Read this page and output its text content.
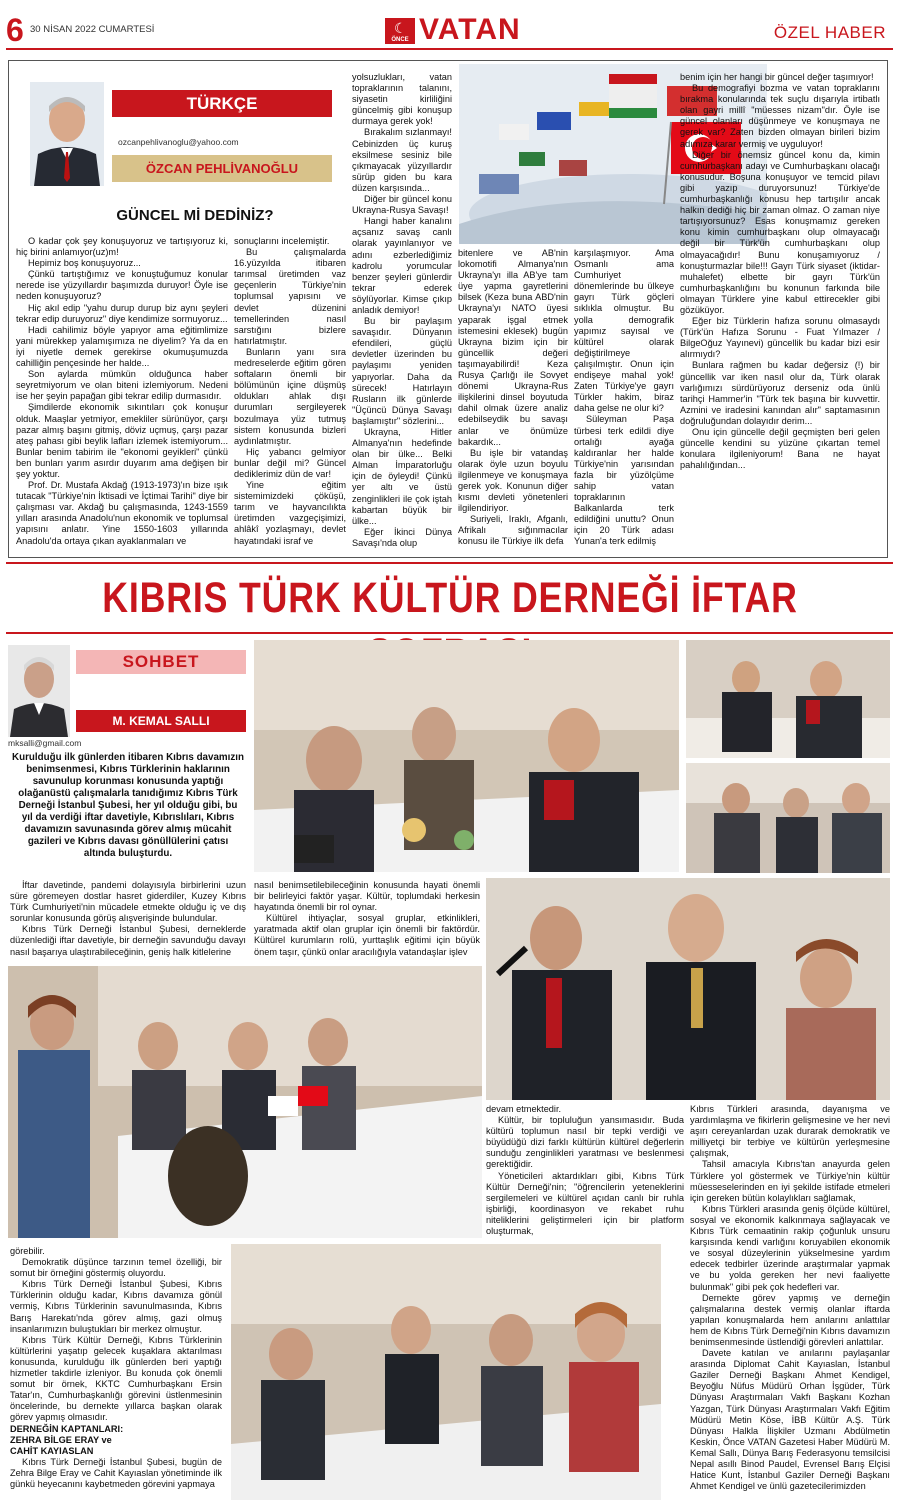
6 30 NİSAN 2022 CUMARTESİ	☾
ÖNCE VATAN	ÖZEL HABER
TÜRKÇE
ozcanpehlivanoglu@yahoo.com
ÖZCAN PEHLİVANOĞLU
GÜNCEL Mİ DEDİNİZ?

O kadar çok şey konuşuyoruz ve tartışıyoruz ki, hiç birini anlamıyor(uz)m!

Hepimiz boş konuşuyoruz...

Çünkü tartıştığımız ve konuştuğumuz konular nerede ise yüzyıllardır başımızda duruyor! Öyle ise neden konuşuyoruz?

Hiç akıl edip "yahu durup durup biz aynı şeyleri tekrar edip duruyoruz" diye kendimize sormuyoruz...

Hadi cahilimiz böyle yapıyor ama eğitimlimize yani mürekkep yalamışımıza ne diyelim? Ya da en iyi niyetle demek gerekirse okumuşumuzda cahilliğin pençesinde her halde...

Son aylarda mümkün olduğunca haber seyretmiyorum ve olan biteni izlemiyorum. Nedeni ise her şeyin papağan gibi tekrar edilip durmasıdır.

Şimdilerde ekonomik sıkıntıları çok konuşur olduk. Maaşlar yetmiyor, emekliler sürünüyor, çarşı pazar almış başını gitmiş, döviz uçmuş, çarşı pazar ateş pahası gibi beylik lafları izlemek istemiyorum... Bunlar benim tabirim ile "ekonomi geyikleri" çünkü ben bunları yarım asırdır duyarım ama değişen bir şey yoktur.

Prof. Dr. Mustafa Akdağ (1913-1973)'ın bize ışık tutacak "Türkiye'nin İktisadi ve İçtimai Tarihi" diye bir çalışması var. Akdağ bu çalışmasında, 1243-1559 yılları arasında Anadolu'nun ekonomik ve toplumsal yapısını anlatır. Yine 1550-1603 yıllarında Anadolu'da ortaya çıkan ayaklanmaları ve

sonuçlarını incelemiştir.

Bu çalışmalarda 16.yüzyılda itibaren tarımsal üretimden vaz geçenlerin Türkiye'nin toplumsal yapısını ve devlet düzenini temellerinden nasıl sarstığını bizlere hatırlatmıştır.

Bunların yanı sıra medreselerde eğitim gören softaların önemli bir bölümünün içine düşmüş oldukları ahlak dışı durumları sergileyerek bozulmaya yüz tutmuş sistem konusunda bizleri aydınlatmıştır.

Hiç yabancı gelmiyor bunlar değil mi? Güncel dediklerimiz dün de var!

Yine eğitim sistemimizdeki çöküşü, tarım ve hayvancılıkta üretimden vazgeçişimizi, ahlâkî yozlaşmayı, devlet hayatındaki israf ve

yolsuzlukları, vatan topraklarının talanını, siyasetin kirliliğini güncelmiş gibi konuşup durmaya gerek yok!

Bırakalım sızlanmayı! Cebinizden üç kuruş eksilmese sesiniz bile çıkmayacak yüzyıllardır sürüp giden bu kara düzen karşısında...

Diğer bir güncel konu Ukrayna-Rusya Savaşı!

Hangi haber kanalını açsanız savaş canlı olarak yayınlanıyor ve adını ezberlediğimiz kadrolu yorumcular benzer şeyleri günlerdir tekrar ederek söylüyorlar. Kimse çıkıp anladık demiyor!

Bu bir paylaşım savaşıdır. Dünyanın efendileri, güçlü devletler üzerinden bu paylaşımı yeniden yapıyorlar. Daha da sürecek! Hatırlayın Rusların ilk günlerde "Üçüncü Dünya Savaşı başlamıştır" sözlerini...

Ukrayna, Hitler Almanya'nın hedefinde olan bir ülke... Belki Alman İmparatorluğu için de öyleydi! Çünkü yer altı ve üstü zenginlikleri ile çok iştah kabartan büyük bir ülke...

Eğer İkinci Dünya Savaşı'nda olup

bitenlere ve AB'nin lokomotifi Almanya'nın Ukrayna'yı illa AB'ye tam üye yapma gayretlerini bilsek (Keza buna ABD'nin Ukrayna'yı NATO üyesi yaparak işgal etmek istemesini eklesek) bugün Ukrayna bizim için bir güncellik değeri taşımayabilirdi! Keza Rusya Çarlığı ile Sovyet dönemi Ukrayna-Rus ilişkilerini dinsel boyutuda dahil olmak üzere analiz edebilseydik bu savaşı anlar ve önümüze bakardık...

Bu işle bir vatandaş olarak öyle uzun boyulu ilgilenmeye ve konuşmaya gerek yok. Konunun diğer kısmı devleti yönetenleri ilgilendiriyor.

Suriyeli, Iraklı, Afganlı, Afrikalı sığınmacılar konusu ile Türkiye ilk defa

karşılaşmıyor. Ama Osmanlı ama Cumhuriyet dönemlerinde bu ülkeye gayrı Türk göçleri sıklıkla olmuştur. Bu yolla demografik yapımız sayısal ve kültürel olarak değiştirilmeye çalışılmıştır. Onun için endişeye mahal yok! Zaten Türkiye'ye gayrı Türkler hakim, biraz daha gelse ne olur ki?

Süleyman Paşa türbesi terk edildi diye ortalığı ayağa kaldıranlar her halde Türkiye'nin yarısından fazla bir yüzölçüme sahip vatan topraklarının Balkanlarda terk edildiğini unuttu? Onun için 20 Türk adası Yunan'a terk edilmiş

benim için her hangi bir güncel değer taşımıyor!

Bu demografiyi bozma ve vatan topraklarını bırakma konularında tek suçlu dışarıyla irtibatlı olan gayri millî "müesses nizam"dır. Öyle ise güncel olanları düşünmeye ve konuşmaya ne gerek var? Zaten bizden olmayan birileri bizim adımıza karar vermiş ve uyguluyor!

Diğer bir önemsiz güncel konu da, kimin cumhurbaşkanı adayı ve Cumhurbaşkanı olacağı konusudur. Boşuna konuşuyor ve temcid pilavı gibi yazıp duruyorsunuz! Türkiye'de cumhurbaşkanlığı konusu hep tartışılır ancak halkın dediği hiç bir zaman olmaz. O zaman niye tartışıyorsunuz? Esas konuşmamız gereken konu kimin cumhurbaşkanı olup olmayacağı değil bir Türk'ün cumhurbaşkanı olup olmayacağıdır! Bunu konuşamıyoruz / konuşturmazlar bile!!! Gayrı Türk siyaset (iktidar-muhalefet) elbette bir gayrı Türk'ün cumhurbaşkanlığını bu konunun farkında bile olmayan Türklere yine kabul ettirecekler gibi gözüküyor.

Eğer biz Türklerin hafıza sorunu olmasaydı (Türk'ün Hafıza Sorunu - Fuat Yılmazer / BilgeOğuz Yayınevi) güncellik bu kadar bizi esir alırmıydı?

Bunlara rağmen bu kadar değersiz (!) bir güncellik var iken nasıl olur da, Türk olarak varlığımızı sürdürüyoruz derseniz oda ünlü tarihçi Hammer'in "Türk tek başına bir kuvvettir. Azmini ve iradesini kanından alır" saptamasının doğruluğundan dolayıdır derim...

Onu için güncelle değil geçmişten beri gelen güncelle kendini su yüzüne çıkartan temel konulara ilgileniyorum! Bana ne hayat pahalılığından...

KIBRIS TÜRK KÜLTÜR DERNEĞİ İFTAR
SOHBET
M. KEMAL SALLI
mksalli@gmail.com
Kurulduğu ilk günlerden itibaren Kıbrıs davamızın benimsenmesi, Kıbrıs Türklerinin haklarının savunulup korunması konusunda yaptığı olağanüstü çalışmalarla tanıdığımız Kıbrıs Türk Derneği İstanbul Şubesi, her yıl olduğu gibi, bu yıl da verdiği iftar davetiyle, Kıbrıslıları, Kıbrıs davamızın savunasında görev almış mücahit gazileri ve Kıbrıs davası gönüllülerini çatısı altında buluşturdu.

İftar davetinde, pandemi dolayısıyla birbirlerini uzun süre göremeyen dostlar hasret giderdiler, Kuzey Kıbrıs Türk Cumhuriyeti'nin mücadele etmekte olduğu iç ve dış sorunlar konusunda görüş alışverişinde bulundular.

Kıbrıs Türk Derneği İstanbul Şubesi, derneklerde düzenlediği iftar davetiyle, bir derneğin savunduğu davayı nasıl başarıya ulaştırabileceğinin, geniş halk kitlelerine

nasıl benimsetilebileceğinin konusunda hayati önemli bir belirleyici faktör yaşar. Kültür, toplumdaki herkesin hayatında önemli bir rol oynar.

Kültürel ihtiyaçlar, sosyal gruplar, etkinlikleri, yaratmada aktif olan gruplar için önemli bir faktördür. Kültürel kurumların rolü, yurttaşlık eğitimi için büyük önem taşır, çünkü onlar aracılığıyla vatandaşlar işlev

görebilir.

Demokratik düşünce tarzının temel özelliği, bir somut bir örneğini göstermiş oluyordu.

Kıbrıs Türk Derneği İstanbul Şubesi, Kıbrıs Türklerinin olduğu kadar, Kıbrıs davamıza gönül vermiş, Kıbrıs Türklerinin savunulmasında, Kıbrıs Barış Harekatı'nda görev almış, gazi olmuş insanlarımızın buluştukları bir merkez olmuştur.

Kıbrıs Türk Kültür Derneği, Kıbrıs Türklerinin kültürlerini yaşatıp gelecek kuşaklara aktarılması konusunda, kurulduğu ilk günlerden beri yaptığı hizmetler takdirle izleniyor. Bu konuda çok önemli somut bir örnek, KKTC Cumhurbaşkanı Ersin Tatar'ın, Cumhurbaşkanlığı görevini üstlenmesinin öncelerinde, bu dernekte yıllarca başkan olarak görev yapmış olmasıdır.

DERNEĞİN KAPTANLARI:

ZEHRA BİLGE ERAY ve

CAHİT KAYIASLAN

Kıbrıs Türk Derneği İstanbul Şubesi, bugün de Zehra Bilge Eray ve Cahit Kayıaslan yönetiminde ilk günkü heyecanını kaybetmeden görevini yapmaya

devam etmektedir.

Kültür, bir topluluğun yansımasıdır. Buda kültürü toplumun nasıl bir tepki verdiği ve büyüdüğü dizi farklı kültürün kültürel değerlerin sunduğu zenginlikleri yaratması ve beslenmesi gerektiğidir.

Yöneticileri aktardıkları gibi, Kıbrıs Türk Kültür Derneği'nin; "öğrencilerin yeteneklerini sergilemeleri ve kültürel açıdan canlı bir ruhla işbirliği, koordinasyon ve rekabet ruhu niteliklerini geliştirmeleri için bir platform oluşturmak,

Kıbrıs Türkleri arasında, dayanışma ve yardımlaşma ve fikirlerin gelişmesine ve her nevi aşırı cereyanlardan uzak durarak demokratik ve milliyetçi bir terbiye ve kültürün yerleşmesine çalışmak,

Tahsil amacıyla Kıbrıs'tan anayurda gelen Türklere yol göstermek ve Türkiye'nin kültür müesseselerinden en iyi şekilde istifade etmeleri için gereken bütün kolaylıkları sağlamak,

Kıbrıs Türkleri arasında geniş ölçüde kültürel, sosyal ve ekonomik kalkınmaya sağlayacak ve Kıbrıs Türk cemaatinin rakip çoğunluk unsuru karşısında kendi varlığını koruyabilen ekonomik ve sosyal düzeylerinin yükselmesine yardım edecek tedbirler üzerinde araştırmalar yapmak ve bu yolda gereken her nevi faaliyette bulunmak" gibi pek çok hedefleri var.

Dernekte görev yapmış ve derneğin çalışmalarına destek vermiş olanlar iftarda yapılan konuşmalarda hem anılarını anlattılar hem de Kıbrıs Türk Derneği'nin Kıbrıs davamızın benimsenmesinde üstlendiği görevleri anlattılar.

Davete katılan ve anılarını paylaşanlar arasında Diplomat Cahit Kayıaslan, İstanbul Gaziler Derneği Başkanı Ahmet Kendigel, Beyoğlu Nüfus Müdürü Orhan İşgüder, Türk Dünyası Araştırmaları Vakfı Başkanı Kozhan Yazgan, Türk Dünyası Araştırmaları Vakfı Eğitim Müdürü Metin Köse, İBB Kültür A.Ş. Türk Dünyası Halkla İlişkiler Uzmanı Abdülmetin Keskin, Önce VATAN Gazetesi Haber Müdürü M. Kemal Sallı, Dünya Barış Federasyonu temsilcisi Nepal asıllı Binod Paudel, Evrensel Barış Elçisi Hatice Kunt, İstanbul Gaziler Derneği Başkanı Ahmet Kendigel ve ünlü gazetecilerimizden
